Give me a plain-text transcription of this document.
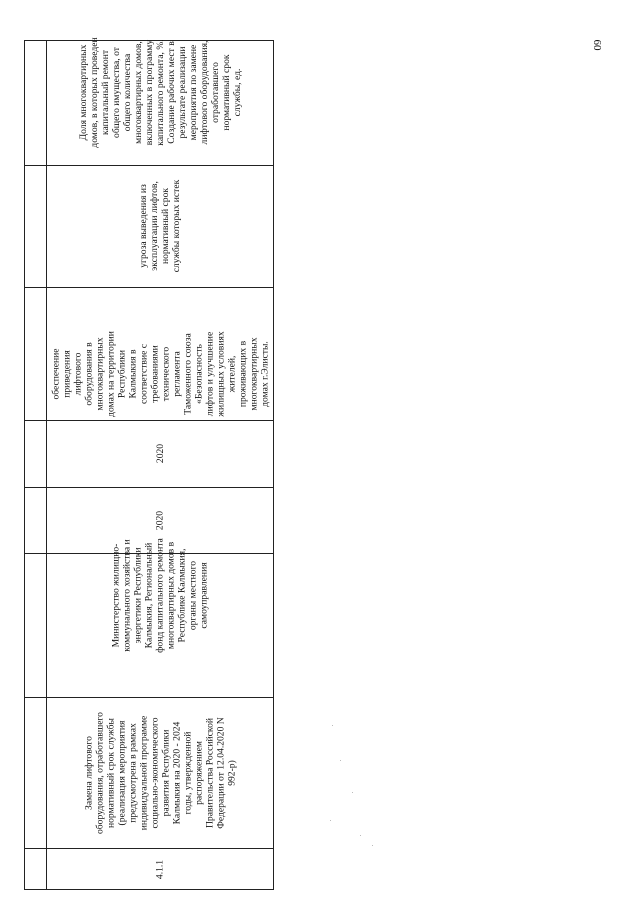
60
4.1.1
Замена лифтового
оборудования, отработавшего
нормативный срок службы
(реализация мероприятия
предусмотрена в рамках
индивидуальной программе
социально-экономического
развития Республики
Калмыкия на 2020 - 2024
годы, утвержденной
распоряжением
Правительства Российской
Федерации от 12.04.2020 N
992-р)
Министерство жилищно-
коммунального хозяйства и
энергетики Республики
Калмыкия, Региональный
фонд капитального ремонта
многоквартирных домов в
Республике Калмыкия,
органы местного
самоуправления
2020
2020
обеспечение
приведения
лифтового
оборудования в
многоквартирных
домах на территории
Республики
Калмыкия в
соответствие с
требованиями
технического
регламента
Таможенного союза
«Безопасность
лифтов и улучшение
жилищных условиях
жителей,
проживающих в
многоквартирных
домах г.Элисты.
угроза выведения из
эксплуатации лифтов,
нормативный срок
службы которых истек
Доля многоквартирных
домов, в которых проведен
капитальный ремонт
общего имущества, от
общего количества
многоквартирных домов,
включенных в программу
капитального ремонта, %.
Создание рабочих мест в
результате реализации
мероприятия по замене
лифтового оборудования,
отработавшего
нормативный срок
службы, ед.
